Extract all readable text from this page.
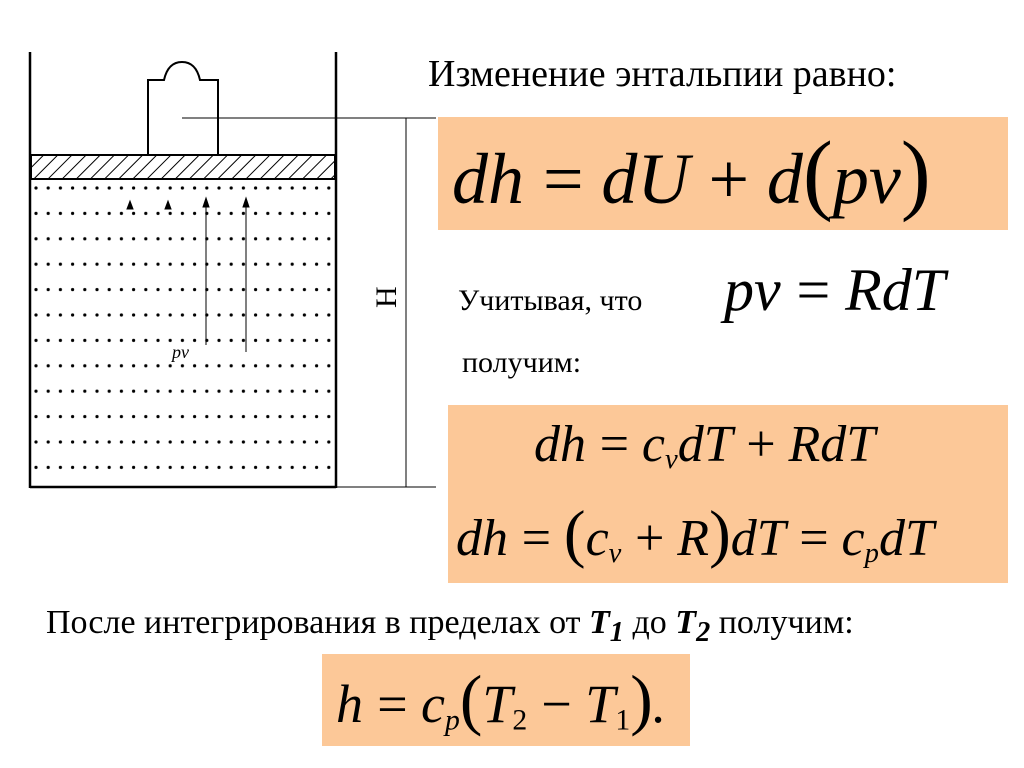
pv
H
Изменение энтальпии равно:
dh = dU + d(pv)
Учитывая, что pv = RdT
получим:
dh = $c_vdT$ + RdT
dh = $(c_v + R)dT = c_pdT$
После интегрирования в пределах от $T_1$ до $T_2$ получим:
$h = c_p(T_2 - T_1)$.
